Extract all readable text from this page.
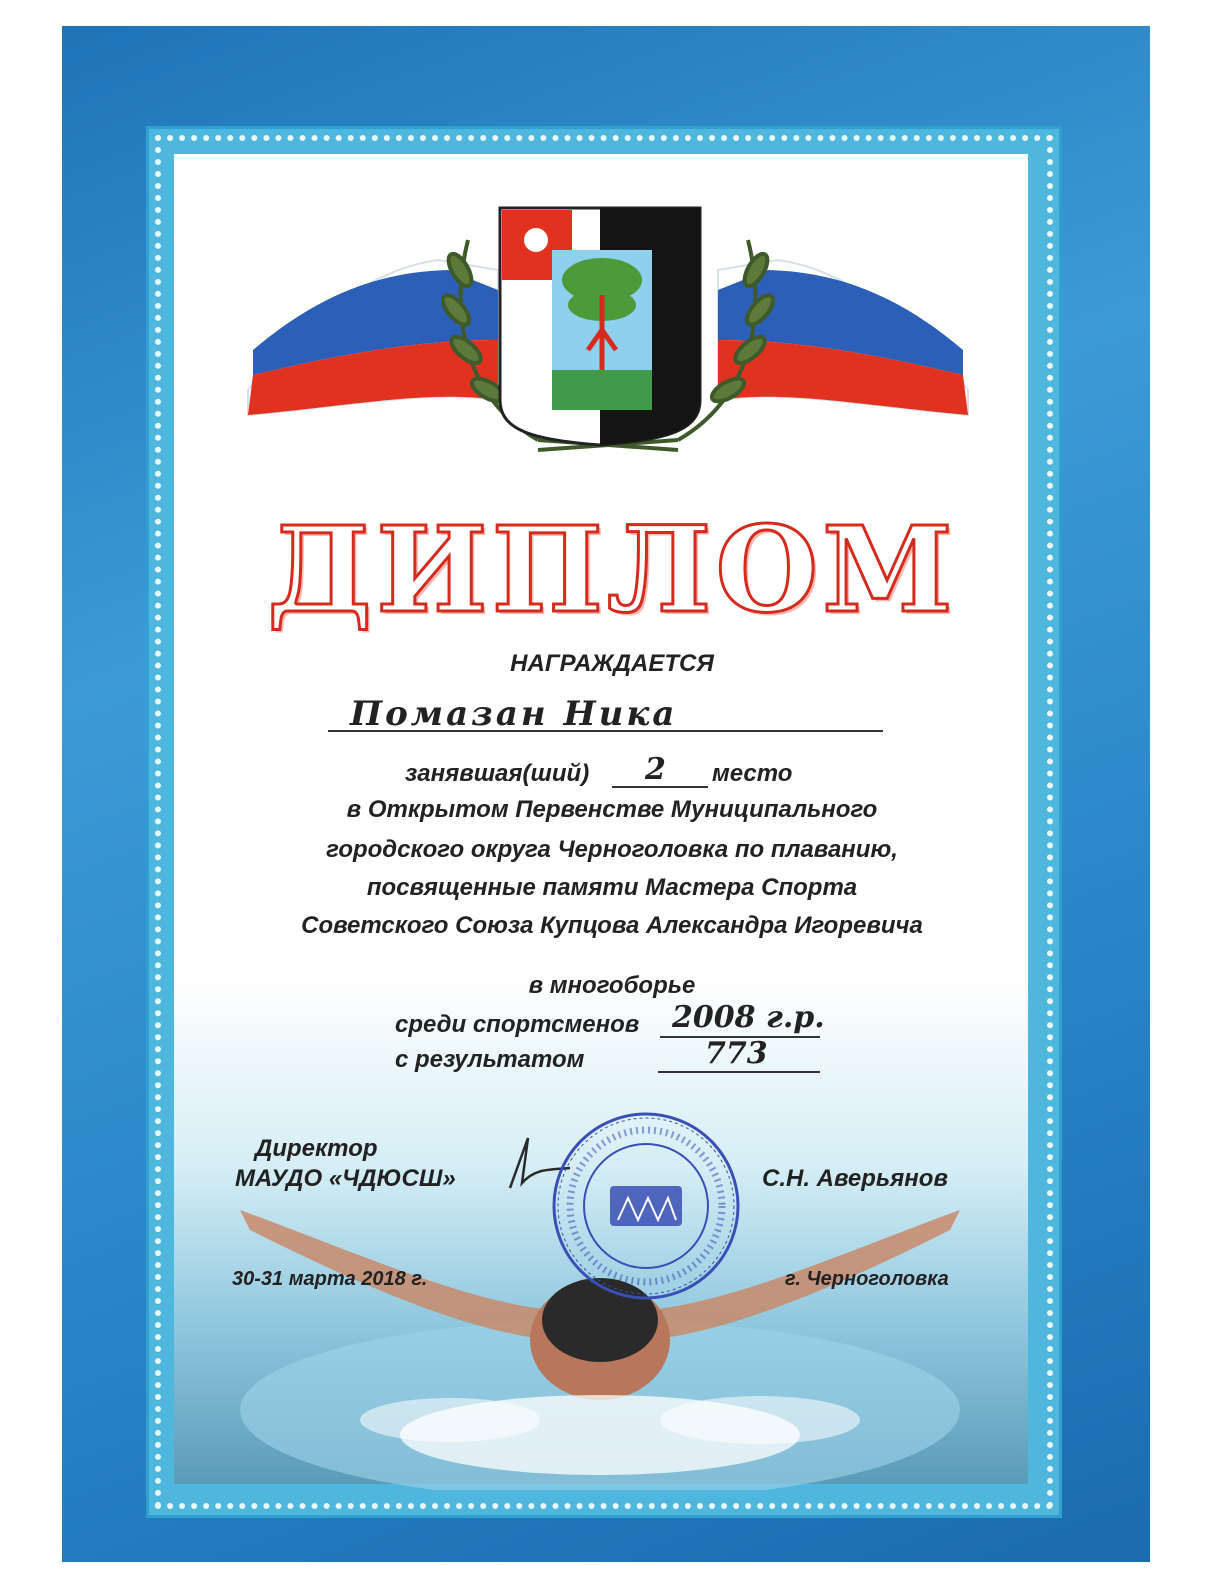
ДИПЛОМ
НАГРАЖДАЕТСЯ
Помазан Ника
занявшая(ший) 2 место
в Открытом Первенстве Муниципального
городского округа Черноголовка по плаванию,
посвященные памяти Мастера Спорта
Советского Союза Купцова Александра Игоревича
в многоборье
среди спортсменов 2008 г.р.
с результатом	773
Директор
МАУДО «ЧДЮСШ»	С.Н. Аверьянов
30-31 марта 2018 г.	г. Черноголовка
